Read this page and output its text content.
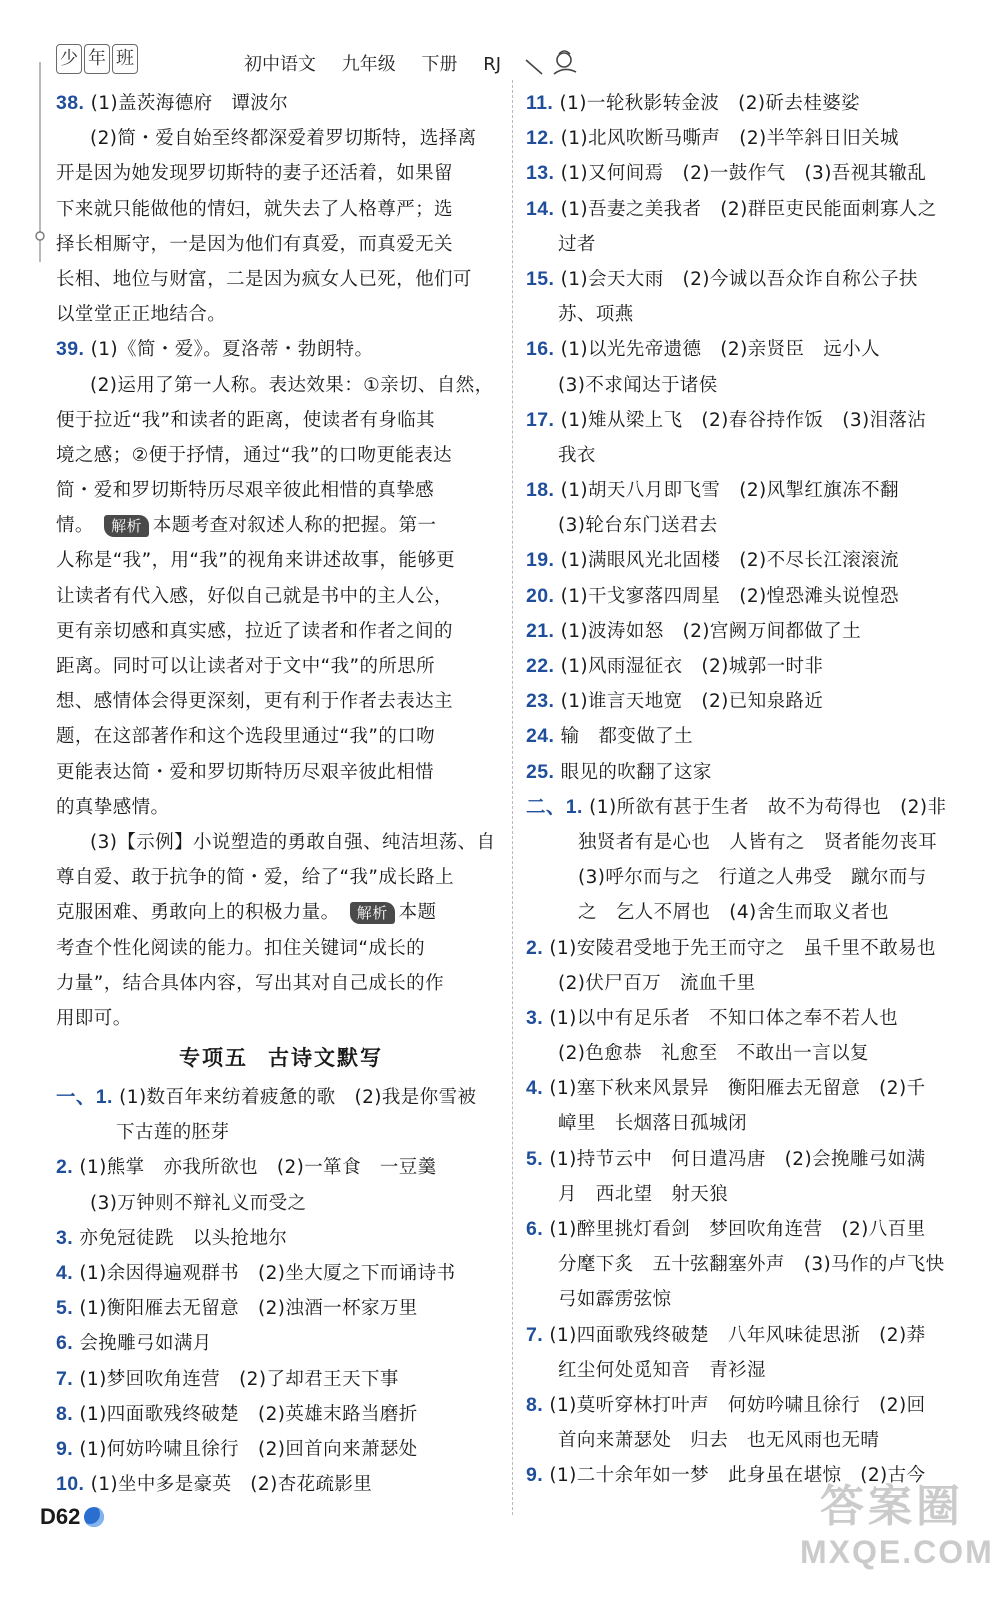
少 年 班	初中语文 九年级 下册 RJ
38. (1)盖茨海德府　谭波尔
(2)简・爱自始至终都深爱着罗切斯特，选择离
开是因为她发现罗切斯特的妻子还活着，如果留
下来就只能做他的情妇，就失去了人格尊严；选
择长相厮守，一是因为他们有真爱，而真爱无关
长相、地位与财富，二是因为疯女人已死，他们可
以堂堂正正地结合。
39. (1)《简・爱》。夏洛蒂・勃朗特。
(2)运用了第一人称。表达效果：①亲切、自然，
便于拉近“我”和读者的距离，使读者有身临其
境之感；②便于抒情，通过“我”的口吻更能表达
简・爱和罗切斯特历尽艰辛彼此相惜的真挚感
情。 解析 本题考查对叙述人称的把握。第一
人称是“我”，用“我”的视角来讲述故事，能够更
让读者有代入感，好似自己就是书中的主人公，
更有亲切感和真实感，拉近了读者和作者之间的
距离。同时可以让读者对于文中“我”的所思所
想、感情体会得更深刻，更有利于作者去表达主
题，在这部著作和这个选段里通过“我”的口吻
更能表达简・爱和罗切斯特历尽艰辛彼此相惜
的真挚感情。
(3)【示例】小说塑造的勇敢自强、纯洁坦荡、自
尊自爱、敢于抗争的简・爱，给了“我”成长路上
克服困难、勇敢向上的积极力量。 解析 本题
考查个性化阅读的能力。扣住关键词“成长的
力量”，结合具体内容，写出其对自己成长的作
用即可。
专项五 古诗文默写
一、1. (1)数百年来纺着疲惫的歌　(2)我是你雪被
下古莲的胚芽
2. (1)熊掌　亦我所欲也　(2)一箪食　一豆羹
(3)万钟则不辩礼义而受之
3. 亦免冠徒跣　以头抢地尔
4. (1)余因得遍观群书　(2)坐大厦之下而诵诗书
5. (1)衡阳雁去无留意　(2)浊酒一杯家万里
6. 会挽雕弓如满月
7. (1)梦回吹角连营　(2)了却君王天下事
8. (1)四面歌残终破楚　(2)英雄末路当磨折
9. (1)何妨吟啸且徐行　(2)回首向来萧瑟处
10. (1)坐中多是豪英　(2)杏花疏影里
11. (1)一轮秋影转金波　(2)斫去桂婆娑
12. (1)北风吹断马嘶声　(2)半竿斜日旧关城
13. (1)又何间焉　(2)一鼓作气　(3)吾视其辙乱
14. (1)吾妻之美我者　(2)群臣吏民能面刺寡人之
过者
15. (1)会天大雨　(2)今诚以吾众诈自称公子扶
苏、项燕
16. (1)以光先帝遗德　(2)亲贤臣　远小人
(3)不求闻达于诸侯
17. (1)雉从梁上飞　(2)春谷持作饭　(3)泪落沾
我衣
18. (1)胡天八月即飞雪　(2)风掣红旗冻不翻
(3)轮台东门送君去
19. (1)满眼风光北固楼　(2)不尽长江滚滚流
20. (1)干戈寥落四周星　(2)惶恐滩头说惶恐
21. (1)波涛如怒　(2)宫阙万间都做了土
22. (1)风雨湿征衣　(2)城郭一时非
23. (1)谁言天地宽　(2)已知泉路近
24. 输　都变做了土
25. 眼见的吹翻了这家
二、1. (1)所欲有甚于生者　故不为苟得也　(2)非
独贤者有是心也　人皆有之　贤者能勿丧耳
(3)呼尔而与之　行道之人弗受　蹴尔而与
之　乞人不屑也　(4)舍生而取义者也
2. (1)安陵君受地于先王而守之　虽千里不敢易也
(2)伏尸百万　流血千里
3. (1)以中有足乐者　不知口体之奉不若人也
(2)色愈恭　礼愈至　不敢出一言以复
4. (1)塞下秋来风景异　衡阳雁去无留意　(2)千
嶂里　长烟落日孤城闭
5. (1)持节云中　何日遣冯唐　(2)会挽雕弓如满
月　西北望　射天狼
6. (1)醉里挑灯看剑　梦回吹角连营　(2)八百里
分麾下炙　五十弦翻塞外声　(3)马作的卢飞快
弓如霹雳弦惊
7. (1)四面歌残终破楚　八年风味徒思浙　(2)莽
红尘何处觅知音　青衫湿
8. (1)莫听穿林打叶声　何妨吟啸且徐行　(2)回
首向来萧瑟处　归去　也无风雨也无晴
9. (1)二十余年如一梦　此身虽在堪惊　(2)古今
D62	答案圈
MXQE.COM
